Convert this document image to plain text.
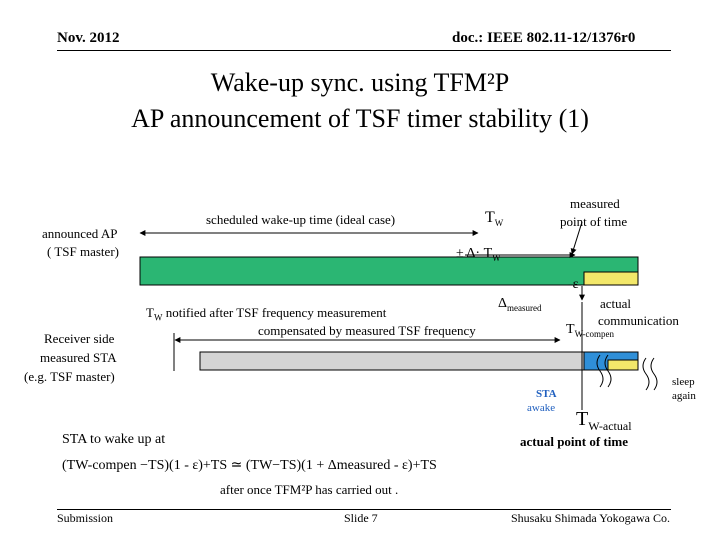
Nov. 2012	doc.: IEEE 802.11-12/1376r0
Wake-up sync. using TFM²P
AP announcement of TSF timer stability (1)
announced AP
( TSF master)
Receiver side
measured STA
(e.g. TSF master)
scheduled wake-up time (ideal case)	$T_W$
measured
point of time
± $\Delta\cdot T_W$
-ε
$\Delta_{measured}$	actual
communication
$T_W$ notified after TSF frequency measurement
compensated by measured TSF frequency	$T_{W-compen}$
sleep
again
STA
awake $T_{W-actual}$
actual point of time
STA to wake up at
(TW-compen −TS)(1 - ε)+TS ≃ (TW−TS)(1 + Δmeasured - ε)+TS
after once TFM²P has carried out .
Submission	Slide 7	Shusaku Shimada Yokogawa Co.
